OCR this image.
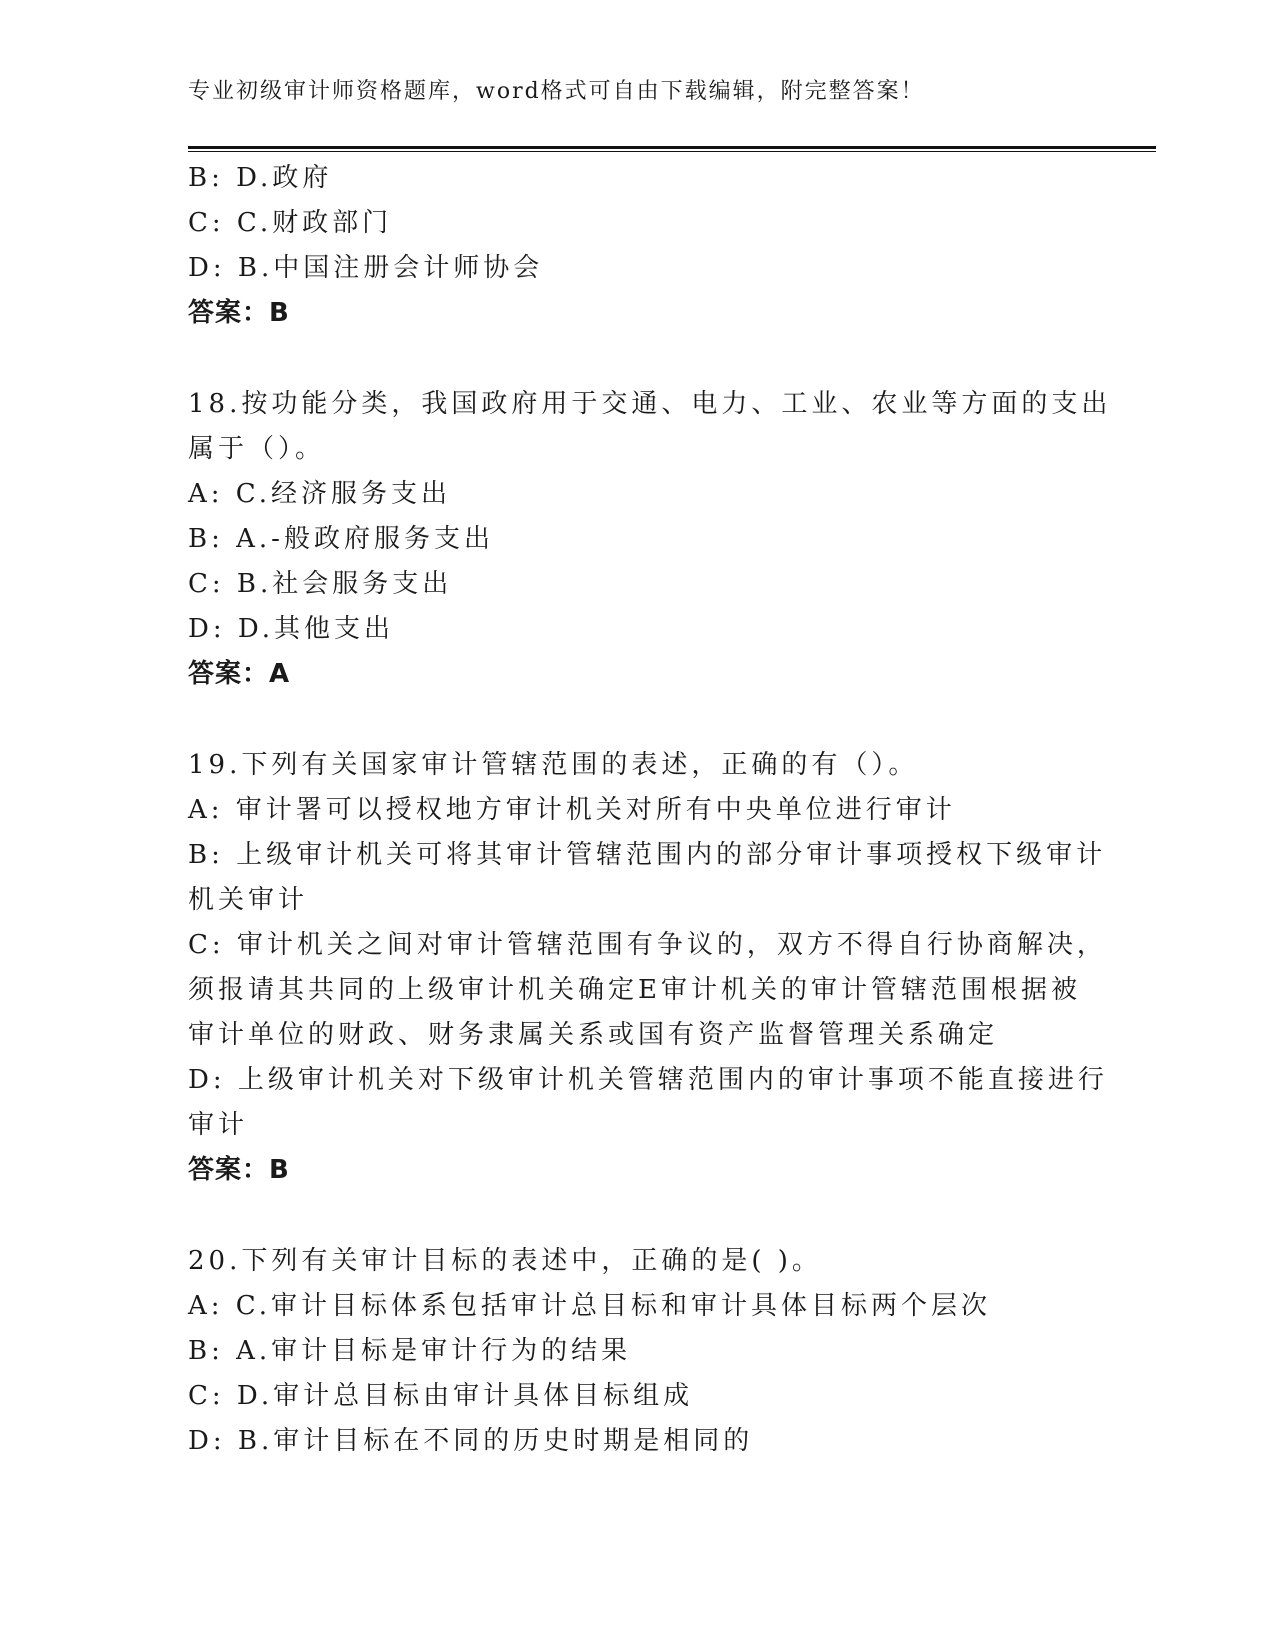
专业初级审计师资格题库，word格式可自由下载编辑，附完整答案！
B: D.政府
C: C.财政部门
D: B.中国注册会计师协会
答案：B
18.按功能分类，我国政府用于交通、电力、工业、农业等方面的支出
属于（）。
A: C.经济服务支出
B: A.-般政府服务支出
C: B.社会服务支出
D: D.其他支出
答案：A
19.下列有关国家审计管辖范围的表述，正确的有（）。
A: 审计署可以授权地方审计机关对所有中央单位进行审计
B: 上级审计机关可将其审计管辖范围内的部分审计事项授权下级审计
机关审计
C: 审计机关之间对审计管辖范围有争议的，双方不得自行协商解决，
须报请其共同的上级审计机关确定E审计机关的审计管辖范围根据被
审计单位的财政、财务隶属关系或国有资产监督管理关系确定
D: 上级审计机关对下级审计机关管辖范围内的审计事项不能直接进行
审计
答案：B
20.下列有关审计目标的表述中，正确的是( )。
A: C.审计目标体系包括审计总目标和审计具体目标两个层次
B: A.审计目标是审计行为的结果
C: D.审计总目标由审计具体目标组成
D: B.审计目标在不同的历史时期是相同的
